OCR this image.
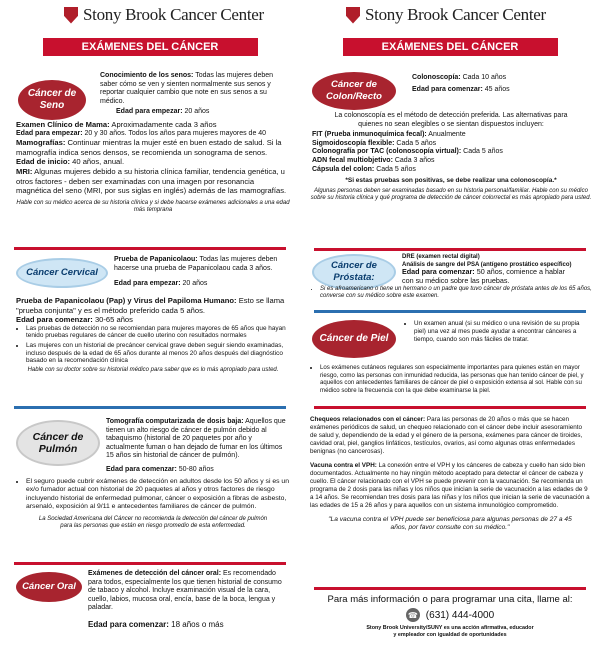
Stony Brook Cancer Center
EXÁMENES DEL CÁNCER
Cáncer de Seno
Conocimiento de los senos: Todas las mujeres deben saber cómo se ven y sienten normalmente sus senos y reportar cualquier cambio que note en sus senos a su médico.
Edad para empezar: 20 años
Examen Clínico de Mama: Aproximadamente cada 3 años
Edad para empezar: 20 y 30 años. Todos los años para mujeres mayores de 40
Mamografías: Continuar mientras la mujer esté en buen estado de salud. Si la mamografía indica senos densos, se recomienda un sonograma de senos.
Edad de inicio: 40 años, anual.
MRI: Algunas mujeres debido a su historia clínica familiar, tendencia genética, u otros factores - deben ser examinadas con una imagen por resonancia magnética del seno (MRI, por sus siglas en inglés) además de las mamografías.
Hable con su médico acerca de su historia clínica y si debe hacerse exámenes adicionales a una edad más temprana
Cáncer Cervical
Prueba de Papanicolaou: Todas las mujeres deben hacerse una prueba de Papanicolaou cada 3 años.
Edad para empezar: 20 años
Prueba de Papanicolaou (Pap) y Virus del Papiloma Humano: Esto se llama "prueba conjunta" y es el método preferido cada 5 años.
Edad para comenzar: 30-65 años
• Las pruebas de detección no se recomiendan para mujeres mayores de 65 años que hayan tenido pruebas regulares de cáncer de cuello uterino con resultados normales
• Las mujeres con un historial de precáncer cervical grave deben seguir siendo examinadas, incluso después de la edad de 65 años durante al menos 20 años después del diagnóstico basado en la recomendación clínica
Hable con su doctor sobre su historial médico para saber que es lo más apropiado para usted.
Cáncer de Pulmón
Tomografía computarizada de dosis baja: Aquellos que tienen un alto riesgo de cáncer de pulmón debido al tabaquismo (historial de 20 paquetes por año y actualmente fuman o han dejado de fumar en los últimos 15 años sin historial de cáncer de pulmón).
Edad para comenzar: 50-80 años
• El seguro puede cubrir exámenes de detección en adultos desde los 50 años y si es un ex/o fumador actual con historial de 20 paquetes al años y otros factores de riesgo incluyendo historial de enfermedad pulmonar, cáncer o exposición a fibras de asbesto, arsenaló, exposición al 9/11 e antecedentes familiares de cáncer de pulmón.
La Sociedad Americana del Cáncer no recomienda la detección del cáncer de pulmón para las personas que están en riesgo promedio de esta enfermedad.
Cáncer Oral
Exámenes de detección del cáncer oral: Es recomendado para todos, especialmente los que tienen historial de consumo de tabaco y alcohol. Incluye examinación visual de la cara, cuello, labios, mucosa oral, encía, base de la boca, lengua y paladar.
Edad para comenzar: 18 años o más
Stony Brook Cancer Center
EXÁMENES DEL CÁNCER
Cáncer de Colon/Recto
Colonoscopía: Cada 10 años
Edad para comenzar: 45 años
La colonoscopía es el método de detección preferida. Las alternativas para quienes no sean elegibles o se sientan dispuestos incluyen:
FIT (Prueba inmunoquímica fecal): Anualmente
Sigmoidoscopía flexible: Cada 5 años
Colonografía por TAC (colonoscopía virtual): Cada 5 años
ADN fecal multiobjetivo: Cada 3 años
Cápsula del colon: Cada 5 años
*Si estas pruebas son positivas, se debe realizar una colonoscopía.*
Algunas personas deben ser examinadas basado en su historia personal/familiar. Hable con su médico sobre su historia clínica y qué programa de detección de cáncer colorrectal es más apropiado para usted.
Cáncer de Próstata:
DRE (examen rectal digital)
Análisis de sangre del PSA (antígeno prostático específico)
Edad para comenzar: 50 años, comience a hablar con su médico sobre las pruebas.
• Si es afroamericano o tiene un hermano o un padre que tuvo cáncer de próstata antes de los 65 años, converse con su médico sobre este examen.
Cáncer de Piel
• Un examen anual (si su médico o una revisión de su propia piel) una vez al mes puede ayudar a encontrar cánceres a tiempo, cuando son más fáciles de tratar.
• Los exámenes cutáneos regulares son especialmente importantes para quienes están en mayor riesgo, como las personas con inmunidad reducida, las personas que han tenido cáncer de piel, y aquellos con antecedentes familiares de cáncer de piel o exposición extensa al sol. Hable con su médico sobre la frecuencia con la que debe examinarse la piel.
Chequeos relacionados con el cáncer: Para las personas de 20 años o más que se hacen exámenes periódicos de salud, un chequeo relacionado con el cáncer debe incluir asesoramiento de salud y, dependiendo de la edad y el género de la persona, exámenes para cáncer de tiroides, cavidad oral, piel, ganglios linfáticos, testículos, ovarios, así como algunas otras enfermedades benignas (no cancerosas).
Vacuna contra el VPH: La conexión entre el VPH y los cánceres de cabeza y cuello han sido bien documentados. Actualmente no hay ningún método aceptado para detectar el cáncer de cabeza y cuello. El cáncer relacionado con el VPH se puede prevenir con la vacunación. Se recomienda un programa de 2 dosis para las niñas y los niños que inician la serie de vacunación a las edades de 9 a 14 años. Se recomiendan tres dosis para las niñas y los niños que inician la serie de vacunación a las edades de 15 a 26 años y para aquellos con un sistema inmunológico comprometido.
"La vacuna contra el VPH puede ser beneficiosa para algunas personas de 27 a 45 años, por favor consulte con su médico."
Para más información o para programar una cita, llame al:
☎ (631) 444-4000
Stony Brook University/SUNY es una acción afirmativa, educador y empleador con igualdad de oportunidades
